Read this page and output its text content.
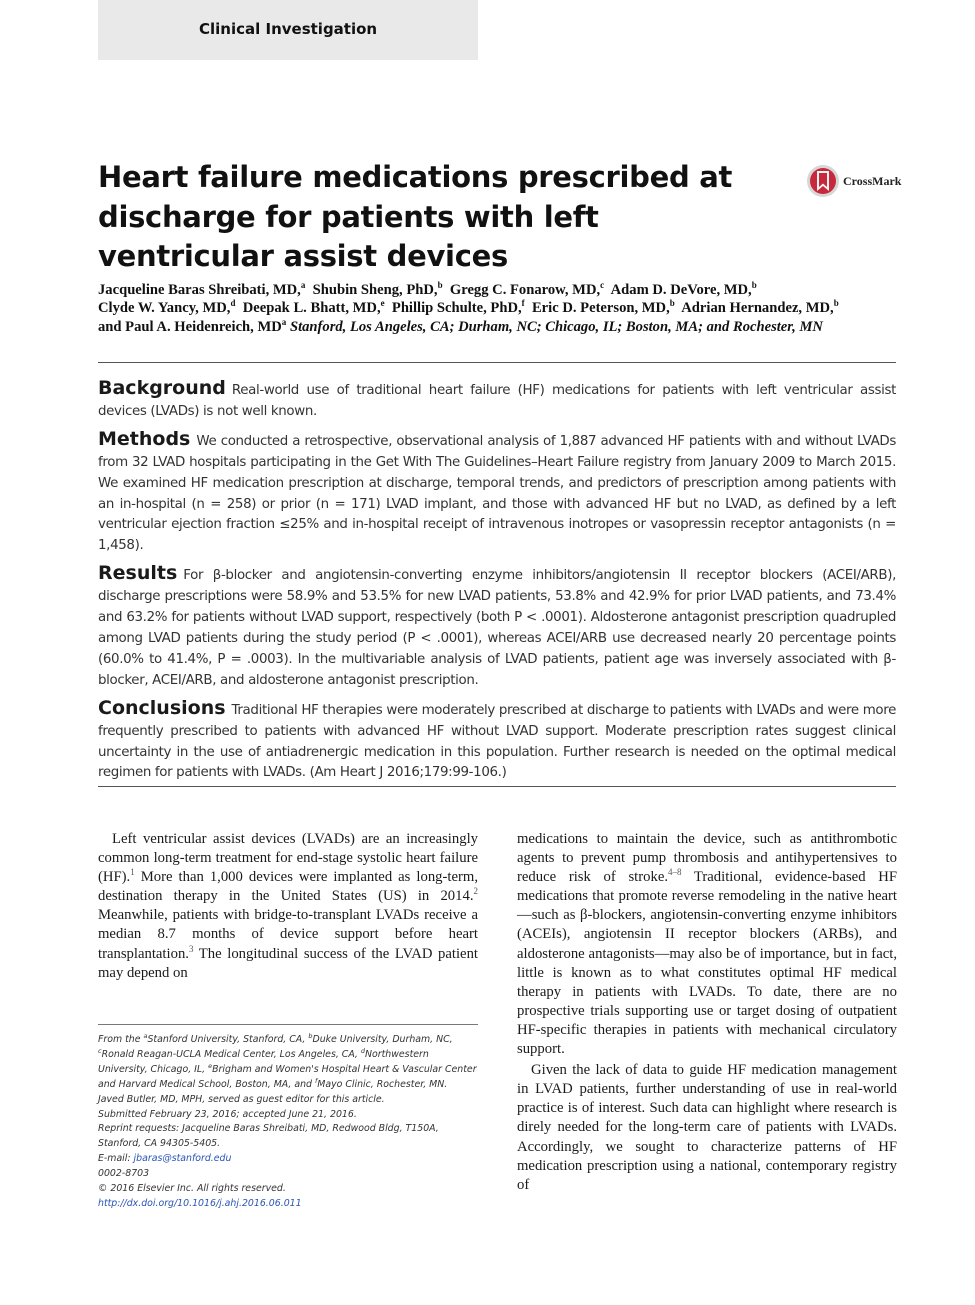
Clinical Investigation
Heart failure medications prescribed at discharge for patients with left ventricular assist devices
CrossMark

Jacqueline Baras Shreibati, MD,$^a$ Shubin Sheng, PhD,$^b$ Gregg C. Fonarow, MD,$^c$ Adam D. DeVore, MD,$^b$
Clyde W. Yancy, MD,$^d$ Deepak L. Bhatt, MD,$^e$ Phillip Schulte, PhD,$^f$ Eric D. Peterson, MD,$^b$ Adrian Hernandez, MD,$^b$
and Paul A. Heidenreich, $MD^a$ Stanford, Los Angeles, CA; Durham, NC; Chicago, IL; Boston, MA; and Rochester, MN

Background Real-world use of traditional heart failure (HF) medications for patients with left ventricular assist devices (LVADs) is not well known.

Methods We conducted a retrospective, observational analysis of 1,887 advanced HF patients with and without LVADs from 32 LVAD hospitals participating in the Get With The Guidelines–Heart Failure registry from January 2009 to March 2015. We examined HF medication prescription at discharge, temporal trends, and predictors of prescription among patients with an in-hospital (n = 258) or prior (n = 171) LVAD implant, and those with advanced HF but no LVAD, as defined by a left ventricular ejection fraction ≤25% and in-hospital receipt of intravenous inotropes or vasopressin receptor antagonists (n = 1,458).

Results For β-blocker and angiotensin-converting enzyme inhibitors/angiotensin II receptor blockers (ACEI/ARB), discharge prescriptions were 58.9% and 53.5% for new LVAD patients, 53.8% and 42.9% for prior LVAD patients, and 73.4% and 63.2% for patients without LVAD support, respectively (both P < .0001). Aldosterone antagonist prescription quadrupled among LVAD patients during the study period (P < .0001), whereas ACEI/ARB use decreased nearly 20 percentage points (60.0% to 41.4%, P = .0003). In the multivariable analysis of LVAD patients, patient age was inversely associated with β-blocker, ACEI/ARB, and aldosterone antagonist prescription.

Conclusions Traditional HF therapies were moderately prescribed at discharge to patients with LVADs and were more frequently prescribed to patients with advanced HF without LVAD support. Moderate prescription rates suggest clinical uncertainty in the use of antiadrenergic medication in this population. Further research is needed on the optimal medical regimen for patients with LVADs. (Am Heart J 2016;179:99-106.)

Left ventricular assist devices (LVADs) are an increasingly common long-term treatment for end-stage systolic heart failure (HF).$^1$ More than 1,000 devices were implanted as long-term, destination therapy in the United States (US) in 2014.$^2$ Meanwhile, patients with bridge-to-transplant LVADs receive a median 8.7 months of device support before heart transplantation.$^3$ The longitudinal success of the LVAD patient may depend on

From the $^a$Stanford University, Stanford, CA, $^b$Duke University, Durham, NC, $^c$Ronald Reagan-UCLA Medical Center, Los Angeles, CA, $^d$Northwestern University, Chicago, IL, $^e$Brigham and Women's Hospital Heart & Vascular Center and Harvard Medical School, Boston, MA, and $^f$Mayo Clinic, Rochester, MN.
Javed Butler, MD, MPH, served as guest editor for this article.
Submitted February 23, 2016; accepted June 21, 2016.
Reprint requests: Jacqueline Baras Shreibati, MD, Redwood Bldg, T150A, Stanford, CA 94305-5405.
E-mail: jbaras@stanford.edu
0002-8703
© 2016 Elsevier Inc. All rights reserved.
http://dx.doi.org/10.1016/j.ahj.2016.06.011

medications to maintain the device, such as antithrombotic agents to prevent pump thrombosis and antihypertensives to reduce risk of stroke.$^{4-8}$ Traditional, evidence-based HF medications that promote reverse remodeling in the native heart—such as β-blockers, angiotensin-converting enzyme inhibitors (ACEIs), angiotensin II receptor blockers (ARBs), and aldosterone antagonists—may also be of importance, but in fact, little is known as to what constitutes optimal HF medical therapy in patients with LVADs. To date, there are no prospective trials supporting use or target dosing of outpatient HF-specific therapies in patients with mechanical circulatory support.

Given the lack of data to guide HF medication management in LVAD patients, further understanding of use in real-world practice is of interest. Such data can highlight where research is direly needed for the long-term care of patients with LVADs. Accordingly, we sought to characterize patterns of HF medication prescription using a national, contemporary registry of
